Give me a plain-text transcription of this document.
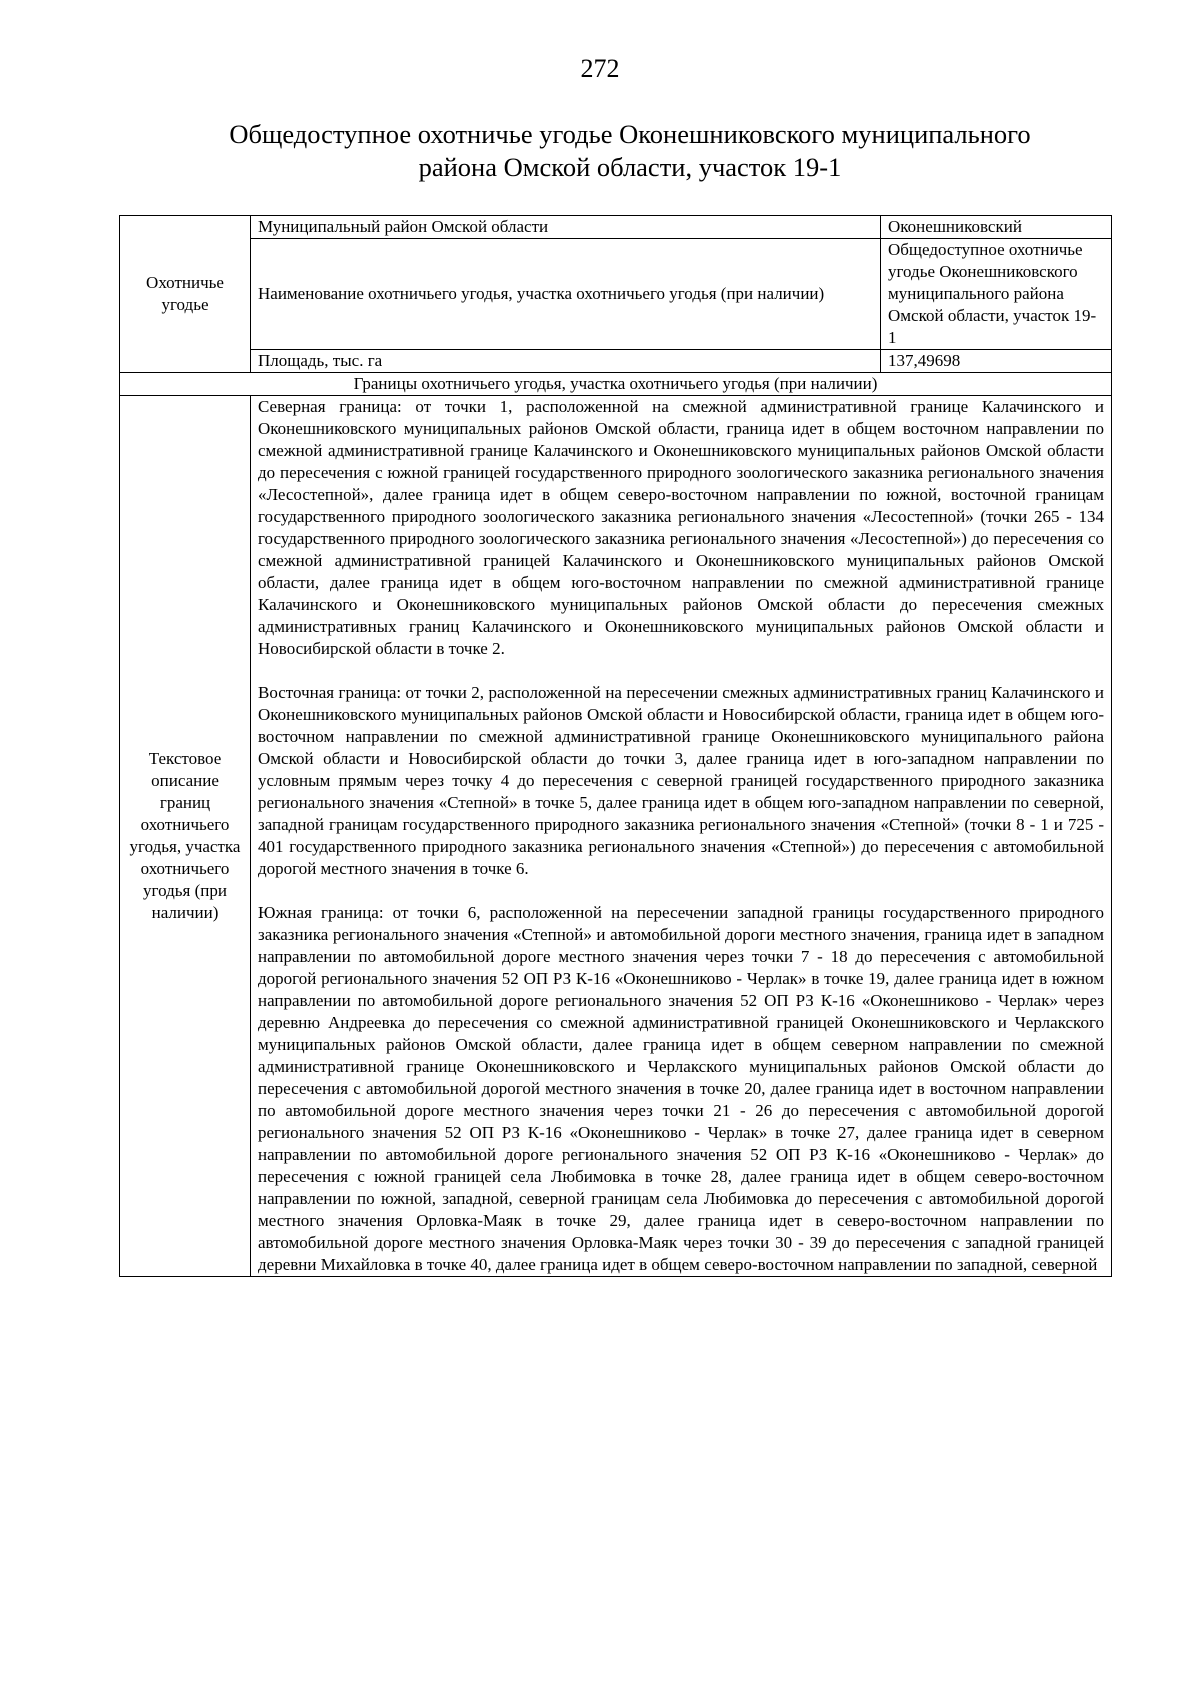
272
Общедоступное охотничье угодье Оконешниковского муниципального
района Омской области, участок 19-1
Охотничье угодье	Муниципальный район Омской области	Оконешниковский
	Наименование охотничьего угодья, участка охотничьего угодья (при наличии)	Общедоступное охотничье угодье Оконешниковского муниципального района Омской области, участок 19-1
	Площадь, тыс. га	137,49698
Границы охотничьего угодья, участка охотничьего угодья (при наличии)		
Текстовое описание границ охотничьего угодья, участка охотничьего угодья (при наличии)	Северная граница: от точки 1, расположенной на смежной административной границе Калачинского и Оконешниковского муниципальных районов Омской области, граница идет в общем восточном направлении по смежной административной границе Калачинского и Оконешниковского муниципальных районов Омской области до пересечения с южной границей государственного природного зоологического заказника регионального значения «Лесостепной», далее граница идет в общем северо-восточном направлении по южной, восточной границам государственного природного зоологического заказника регионального значения «Лесостепной» (точки 265 - 134 государственного природного зоологического заказника регионального значения «Лесостепной») до пересечения со смежной административной границей Калачинского и Оконешниковского муниципальных районов Омской области, далее граница идет в общем юго-восточном направлении по смежной административной границе Калачинского и Оконешниковского муниципальных районов Омской области до пересечения смежных административных границ Калачинского и Оконешниковского муниципальных районов Омской области и Новосибирской области в точке 2.

Восточная граница: от точки 2, расположенной на пересечении смежных административных границ Калачинского и Оконешниковского муниципальных районов Омской области и Новосибирской области, граница идет в общем юго-восточном направлении по смежной административной границе Оконешниковского муниципального района Омской области и Новосибирской области до точки 3, далее граница идет в юго-западном направлении по условным прямым через точку 4 до пересечения с северной границей государственного природного заказника регионального значения «Степной» в точке 5, далее граница идет в общем юго-западном направлении по северной, западной границам государственного природного заказника регионального значения «Степной» (точки 8 - 1 и 725 - 401 государственного природного заказника регионального значения «Степной») до пересечения с автомобильной дорогой местного значения в точке 6.

Южная граница: от точки 6, расположенной на пересечении западной границы государственного природного заказника регионального значения «Степной» и автомобильной дороги местного значения, граница идет в западном направлении по автомобильной дороге местного значения через точки 7 - 18 до пересечения с автомобильной дорогой регионального значения 52 ОП РЗ К-16 «Оконешниково - Черлак» в точке 19, далее граница идет в южном направлении по автомобильной дороге регионального значения 52 ОП РЗ К-16 «Оконешниково - Черлак» через деревню Андреевка до пересечения со смежной административной границей Оконешниковского и Черлакского муниципальных районов Омской области, далее граница идет в общем северном направлении по смежной административной границе Оконешниковского и Черлакского муниципальных районов Омской области до пересечения с автомобильной дорогой местного значения в точке 20, далее граница идет в восточном направлении по автомобильной дороге местного значения через точки 21 - 26 до пересечения с автомобильной дорогой регионального значения 52 ОП РЗ К-16 «Оконешниково - Черлак» в точке 27, далее граница идет в северном направлении по автомобильной дороге регионального значения 52 ОП РЗ К-16 «Оконешниково - Черлак» до пересечения с южной границей села Любимовка в точке 28, далее граница идет в общем северо-восточном направлении по южной, западной, северной границам села Любимовка до пересечения с автомобильной дорогой местного значения Орловка-Маяк в точке 29, далее граница идет в северо-восточном направлении по автомобильной дороге местного значения Орловка-Маяк через точки 30 - 39 до пересечения с западной границей деревни Михайловка в точке 40, далее граница идет в общем северо-восточном направлении по западной, северной	
